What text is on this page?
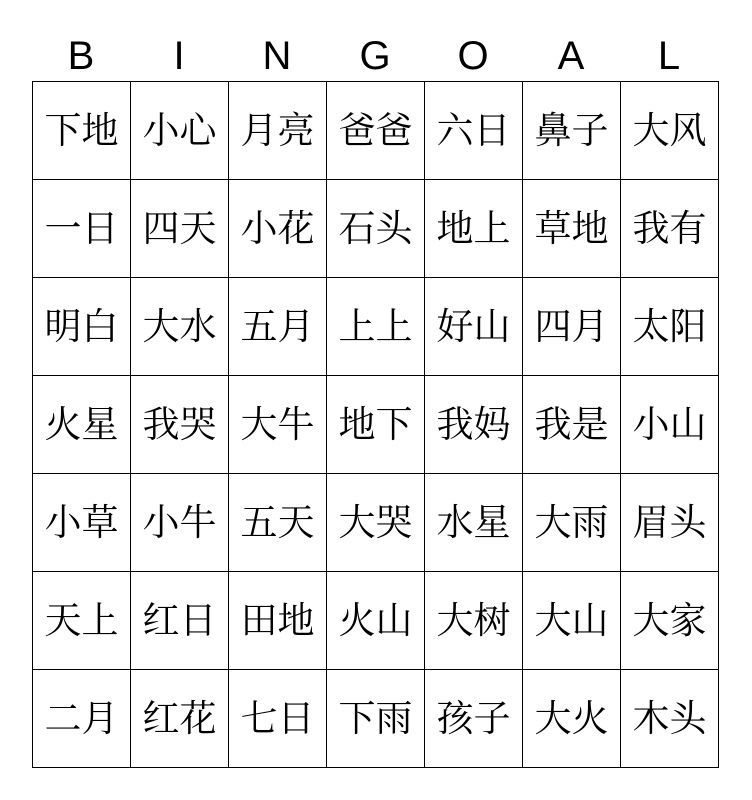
B	I	N	G	O	A	L
下地 小心 月亮 爸爸 六日 鼻子 大风
一日 四天 小花 石头 地上 草地 我有
明白 大水 五月 上上 好山 四月 太阳
火星 我哭 大牛 地下 我妈 我是 小山
小草 小牛 五天 大哭 水星 大雨 眉头
天上 红日 田地 火山 大树 大山 大家
二月 红花 七日 下雨 孩子 大火 木头
